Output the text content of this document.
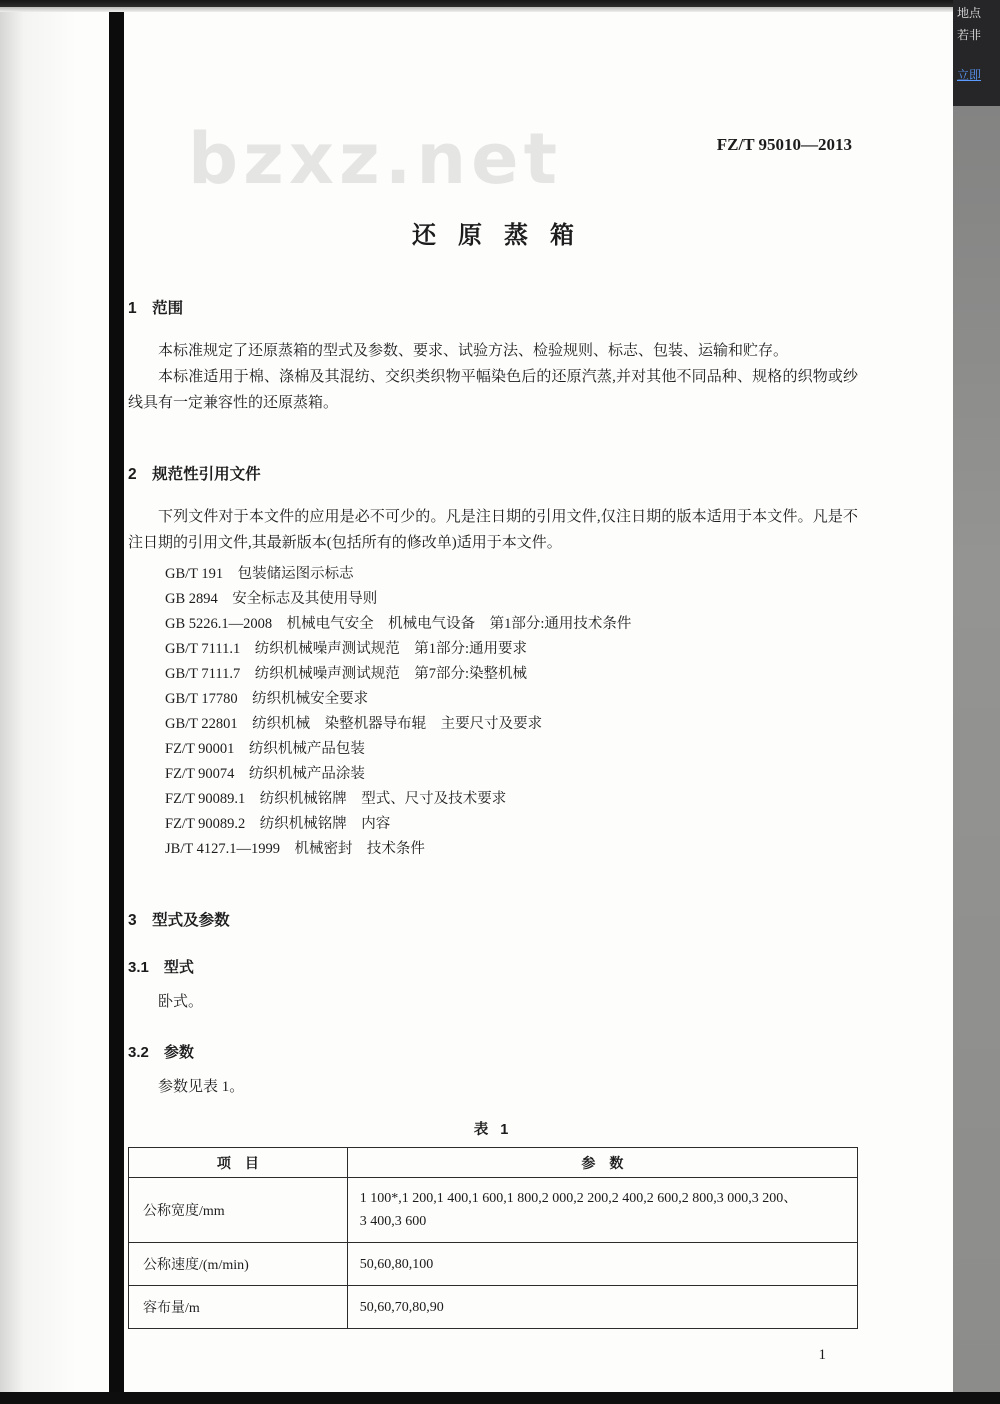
地点
若非
立即
bzxz.net	FZ/T 95010—2013
还原蒸箱
1　范围

本标准规定了还原蒸箱的型式及参数、要求、试验方法、检验规则、标志、包装、运输和贮存。

本标准适用于棉、涤棉及其混纺、交织类织物平幅染色后的还原汽蒸,并对其他不同品种、规格的织物或纱线具有一定兼容性的还原蒸箱。

2　规范性引用文件

下列文件对于本文件的应用是必不可少的。凡是注日期的引用文件,仅注日期的版本适用于本文件。凡是不注日期的引用文件,其最新版本(包括所有的修改单)适用于本文件。

GB/T 191　包装储运图示标志
GB 2894　安全标志及其使用导则
GB 5226.1—2008　机械电气安全　机械电气设备　第1部分:通用技术条件
GB/T 7111.1　纺织机械噪声测试规范　第1部分:通用要求
GB/T 7111.7　纺织机械噪声测试规范　第7部分:染整机械
GB/T 17780　纺织机械安全要求
GB/T 22801　纺织机械　染整机器导布辊　主要尺寸及要求
FZ/T 90001　纺织机械产品包装
FZ/T 90074　纺织机械产品涂装
FZ/T 90089.1　纺织机械铭牌　型式、尺寸及技术要求
FZ/T 90089.2　纺织机械铭牌　内容
JB/T 4127.1—1999　机械密封　技术条件
3　型式及参数
3.1　型式

卧式。

3.2　参数

参数见表 1。

表 1
项　目	参　数
公称宽度/mm	1 100*,1 200,1 400,1 600,1 800,2 000,2 200,2 400,2 600,2 800,3 000,3 200、
3 400,3 600
公称速度/(m/min)	50,60,80,100
容布量/m	50,60,70,80,90
1
